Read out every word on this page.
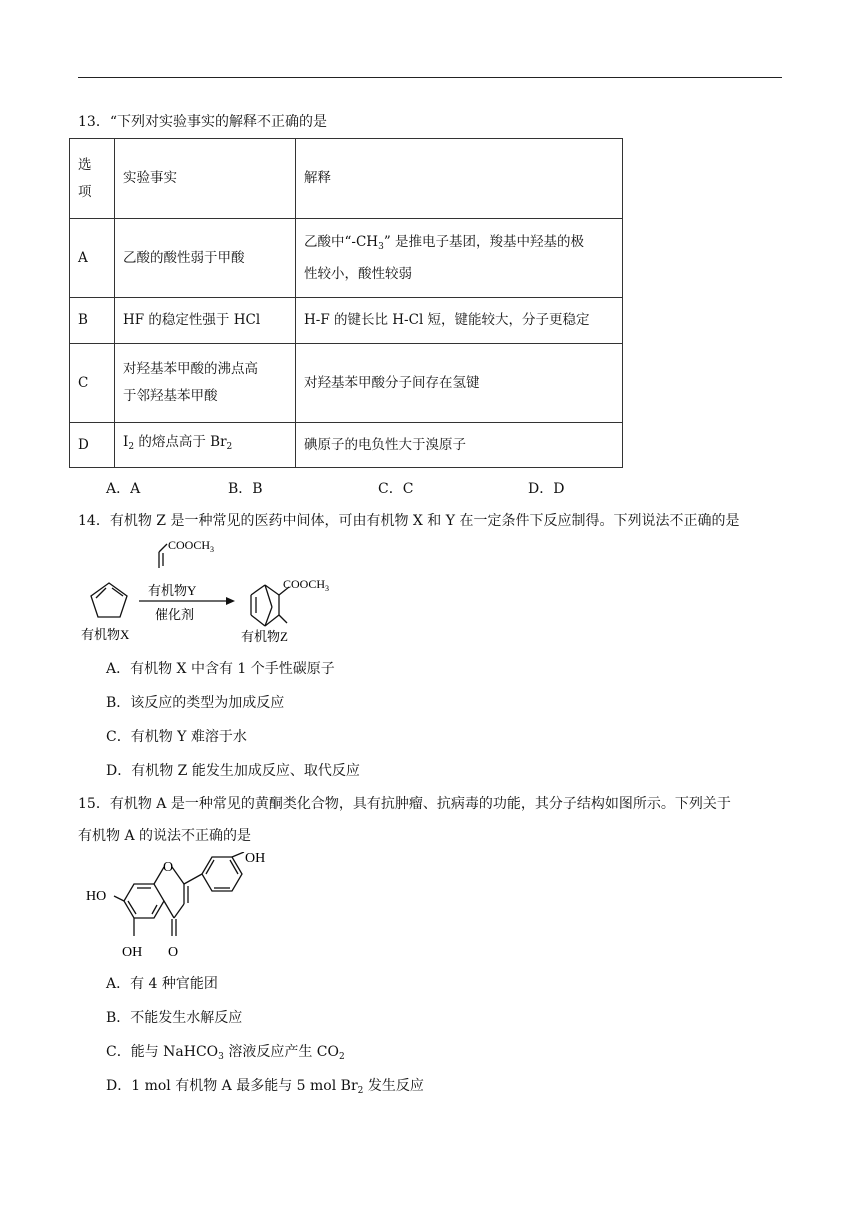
13．“下列对实验事实的解释不正确的是
选
项	实验事实	解释
A	乙酸的酸性弱于甲酸	乙酸中“$-CH_3$” 是推电子基团，羧基中羟基的极
性较小，酸性较弱

B	HF 的稳定性强于 HCl	H-F 的键长比 H-Cl 短，键能较大，分子更稳定
C	对羟基苯甲酸的沸点高
于邻羟基苯甲酸	对羟基苯甲酸分子间存在氢键
D	$I_2$ 的熔点高于 $Br_2$	碘原子的电负性大于溴原子
A．A	B．B	C．C	D．D
14．有机物 Z 是一种常见的医药中间体，可由有机物 X 和 Y 在一定条件下反应制得。下列说法不正确的是
有机物X
$COOCH_3$
有机物Y
催化剂
$COOCH_3$
有机物Z
A．有机物 X 中含有 1 个手性碳原子
B．该反应的类型为加成反应
C．有机物 Y 难溶于水
D．有机物 Z 能发生加成反应、取代反应
15．有机物 A 是一种常见的黄酮类化合物，具有抗肿瘤、抗病毒的功能，其分子结构如图所示。下列关于
有机物 A 的说法不正确的是
HO
O
OH
OH O
A．有 4 种官能团
B．不能发生水解反应
C．能与 NaHCO$_3$ 溶液反应产生 $CO_2$
D．1 mol 有机物 A 最多能与 5 mol $Br_2$ 发生反应
